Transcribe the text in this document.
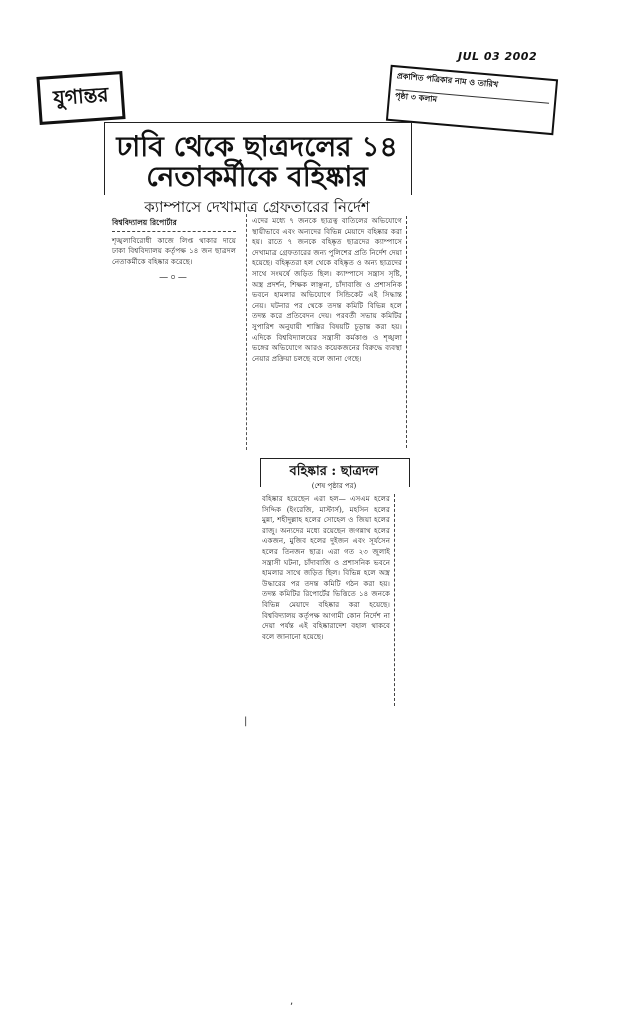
JUL 03 2002
যুগান্তর
প্রকাশিত পত্রিকার নাম ও তারিখ
পৃষ্ঠা ৩ কলাম
ঢাবি থেকে ছাত্রদলের ১৪ নেতাকর্মীকে বহিষ্কার
ক্যাম্পাসে দেখামাত্র গ্রেফতারের নির্দেশ
বিশ্ববিদ্যালয় রিপোর্টার
শৃঙ্খলাবিরোধী কাজে লিপ্ত থাকার দায়ে ঢাকা বিশ্ববিদ্যালয় কর্তৃপক্ষ ১৪ জন ছাত্রদল নেতাকর্মীকে বহিষ্কার করেছে।
—০—
এদের মধ্যে ৭ জনকে ছাত্রত্ব বাতিলের অভিযোগে স্থায়ীভাবে এবং অন্যদের বিভিন্ন মেয়াদে বহিষ্কার করা হয়। রাতে ৭ জনকে বহিষ্কৃত ছাত্রদের ক্যাম্পাসে দেখামাত্র গ্রেফতারের জন্য পুলিশের প্রতি নির্দেশ দেয়া হয়েছে। বহিষ্কৃতরা হল থেকে বহিষ্কৃত ও অন্য ছাত্রদের সাথে সংঘর্ষে জড়িত ছিল। ক্যাম্পাসে সন্ত্রাস সৃষ্টি, অস্ত্র প্রদর্শন, শিক্ষক লাঞ্ছনা, চাঁদাবাজি ও প্রশাসনিক ভবনে হামলার অভিযোগে সিন্ডিকেট এই সিদ্ধান্ত নেয়। ঘটনার পর থেকে তদন্ত কমিটি বিভিন্ন হলে তদন্ত করে প্রতিবেদন দেয়। পরবর্তী সভায় কমিটির সুপারিশ অনুযায়ী শাস্তির বিষয়টি চূড়ান্ত করা হয়। এদিকে বিশ্ববিদ্যালয়ের সন্ত্রাসী কর্মকাণ্ড ও শৃঙ্খলা ভঙ্গের অভিযোগে আরও কয়েকজনের বিরুদ্ধে ব্যবস্থা নেয়ার প্রক্রিয়া চলছে বলে জানা গেছে।
বহিষ্কার : ছাত্রদল
(শেষ পৃষ্ঠার পর)
বহিষ্কার হয়েছেন এরা হল— এসএম হলের সিদ্দিক (ইংরেজি, মাস্টার্স), মহসিন হলের মুন্না, শহীদুল্লাহ হলের সোহেল ও জিয়া হলের রাজু। অন্যদের মধ্যে রয়েছেন জগন্নাথ হলের একজন, মুজিব হলের দুইজন এবং সূর্যসেন হলের তিনজন ছাত্র। এরা গত ২৩ জুলাই সন্ত্রাসী ঘটনা, চাঁদাবাজি ও প্রশাসনিক ভবনে হামলার সাথে জড়িত ছিল। বিভিন্ন হলে অস্ত্র উদ্ধারের পর তদন্ত কমিটি গঠন করা হয়। তদন্ত কমিটির রিপোর্টের ভিত্তিতে ১৪ জনকে বিভিন্ন মেয়াদে বহিষ্কার করা হয়েছে। বিশ্ববিদ্যালয় কর্তৃপক্ষ আগামী কোন নির্দেশ না দেয়া পর্যন্ত এই বহিষ্কারাদেশ বহাল থাকবে বলে জানানো হয়েছে।
|
,
